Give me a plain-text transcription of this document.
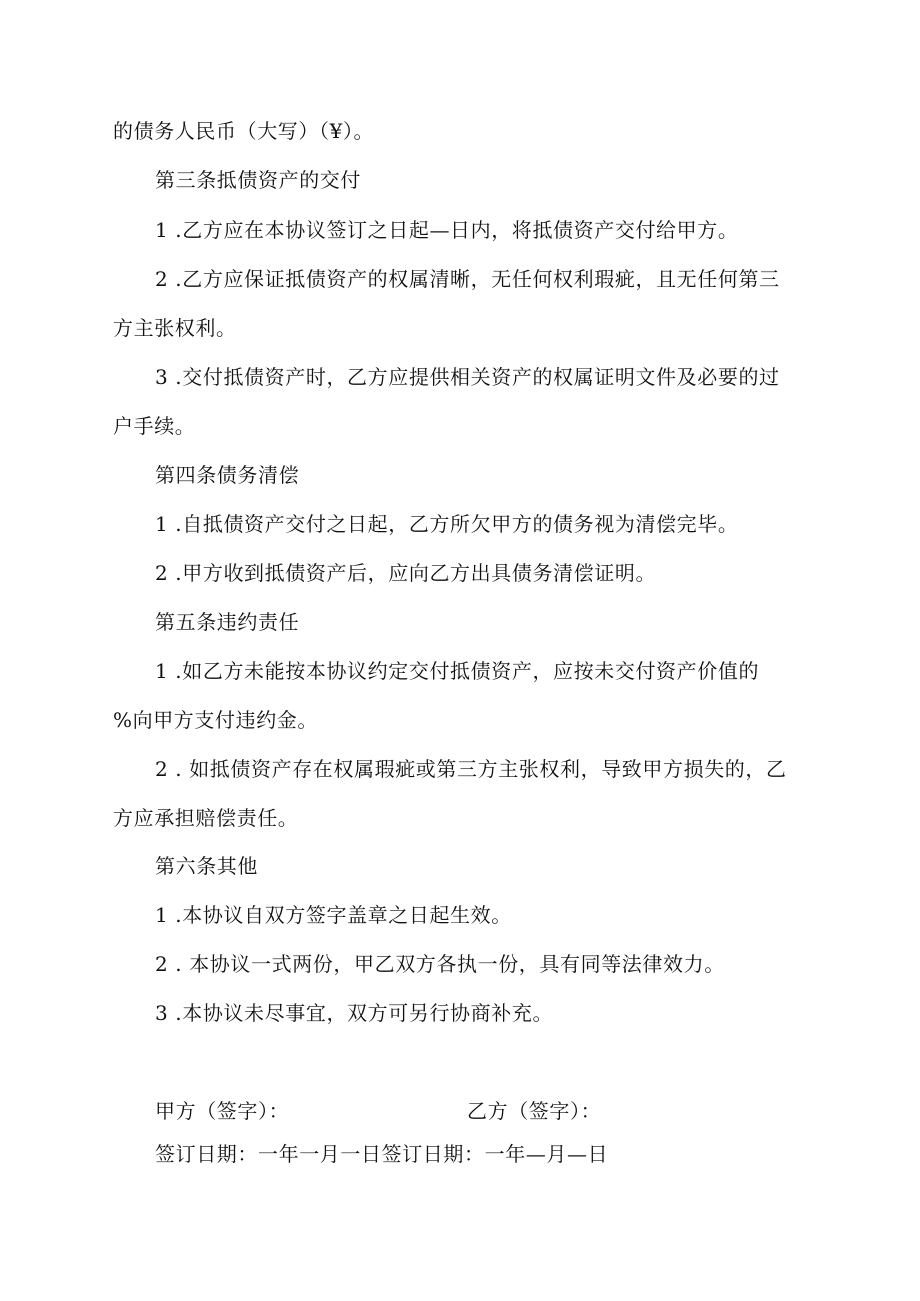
的债务人民币（大写）（¥）。
第三条抵债资产的交付
1 .乙方应在本协议签订之日起—日内，将抵债资产交付给甲方。
2 .乙方应保证抵债资产的权属清晰，无任何权利瑕疵，且无任何第三
方主张权利。
3 .交付抵债资产时，乙方应提供相关资产的权属证明文件及必要的过
户手续。
第四条债务清偿
1 .自抵债资产交付之日起，乙方所欠甲方的债务视为清偿完毕。
2 .甲方收到抵债资产后，应向乙方出具债务清偿证明。
第五条违约责任
1 .如乙方未能按本协议约定交付抵债资产，应按未交付资产价值的
%向甲方支付违约金。
2 . 如抵债资产存在权属瑕疵或第三方主张权利，导致甲方损失的，乙
方应承担赔偿责任。
第六条其他
1 .本协议自双方签字盖章之日起生效。
2 . 本协议一式两份，甲乙双方各执一份，具有同等法律效力。
3 .本协议未尽事宜，双方可另行协商补充。
甲方（签字）：	乙方（签字）：
签订日期：一年一月一日签订日期：一年—月—日
